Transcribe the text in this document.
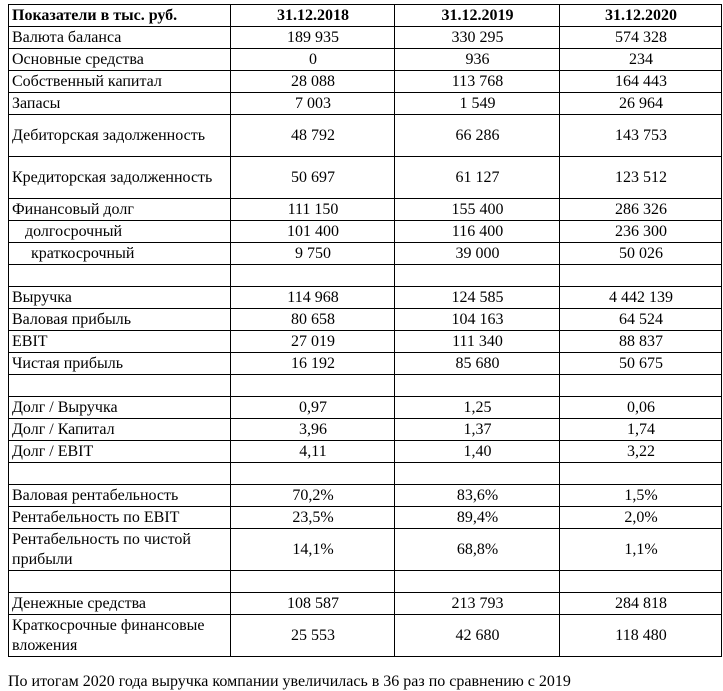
Показатели в тыс. руб.	31.12.2018	31.12.2019	31.12.2020
Валюта баланса	189 935	330 295	574 328
Основные средства	0	936	234
Собственный капитал	28 088	113 768	164 443
Запасы	7 003	1 549	26 964
Дебиторская задолженность	48 792	66 286	143 753
Кредиторская задолженность	50 697	61 127	123 512
Финансовый долг	111 150	155 400	286 326
долгосрочный	101 400	116 400	236 300
краткосрочный	9 750	39 000	50 026

Выручка	114 968	124 585	4 442 139
Валовая прибыль	80 658	104 163	64 524
EBIT	27 019	111 340	88 837
Чистая прибыль	16 192	85 680	50 675

Долг / Выручка	0,97	1,25	0,06
Долг / Капитал	3,96	1,37	1,74
Долг / EBIT	4,11	1,40	3,22

Валовая рентабельность	70,2%	83,6%	1,5%
Рентабельность по EBIT	23,5%	89,4%	2,0%
Рентабельность по чистой прибыли	14,1%	68,8%	1,1%

Денежные средства	108 587	213 793	284 818
Краткосрочные финансовые вложения	25 553	42 680	118 480
По итогам 2020 года выручка компании увеличилась в 36 раз по сравнению с 2019
